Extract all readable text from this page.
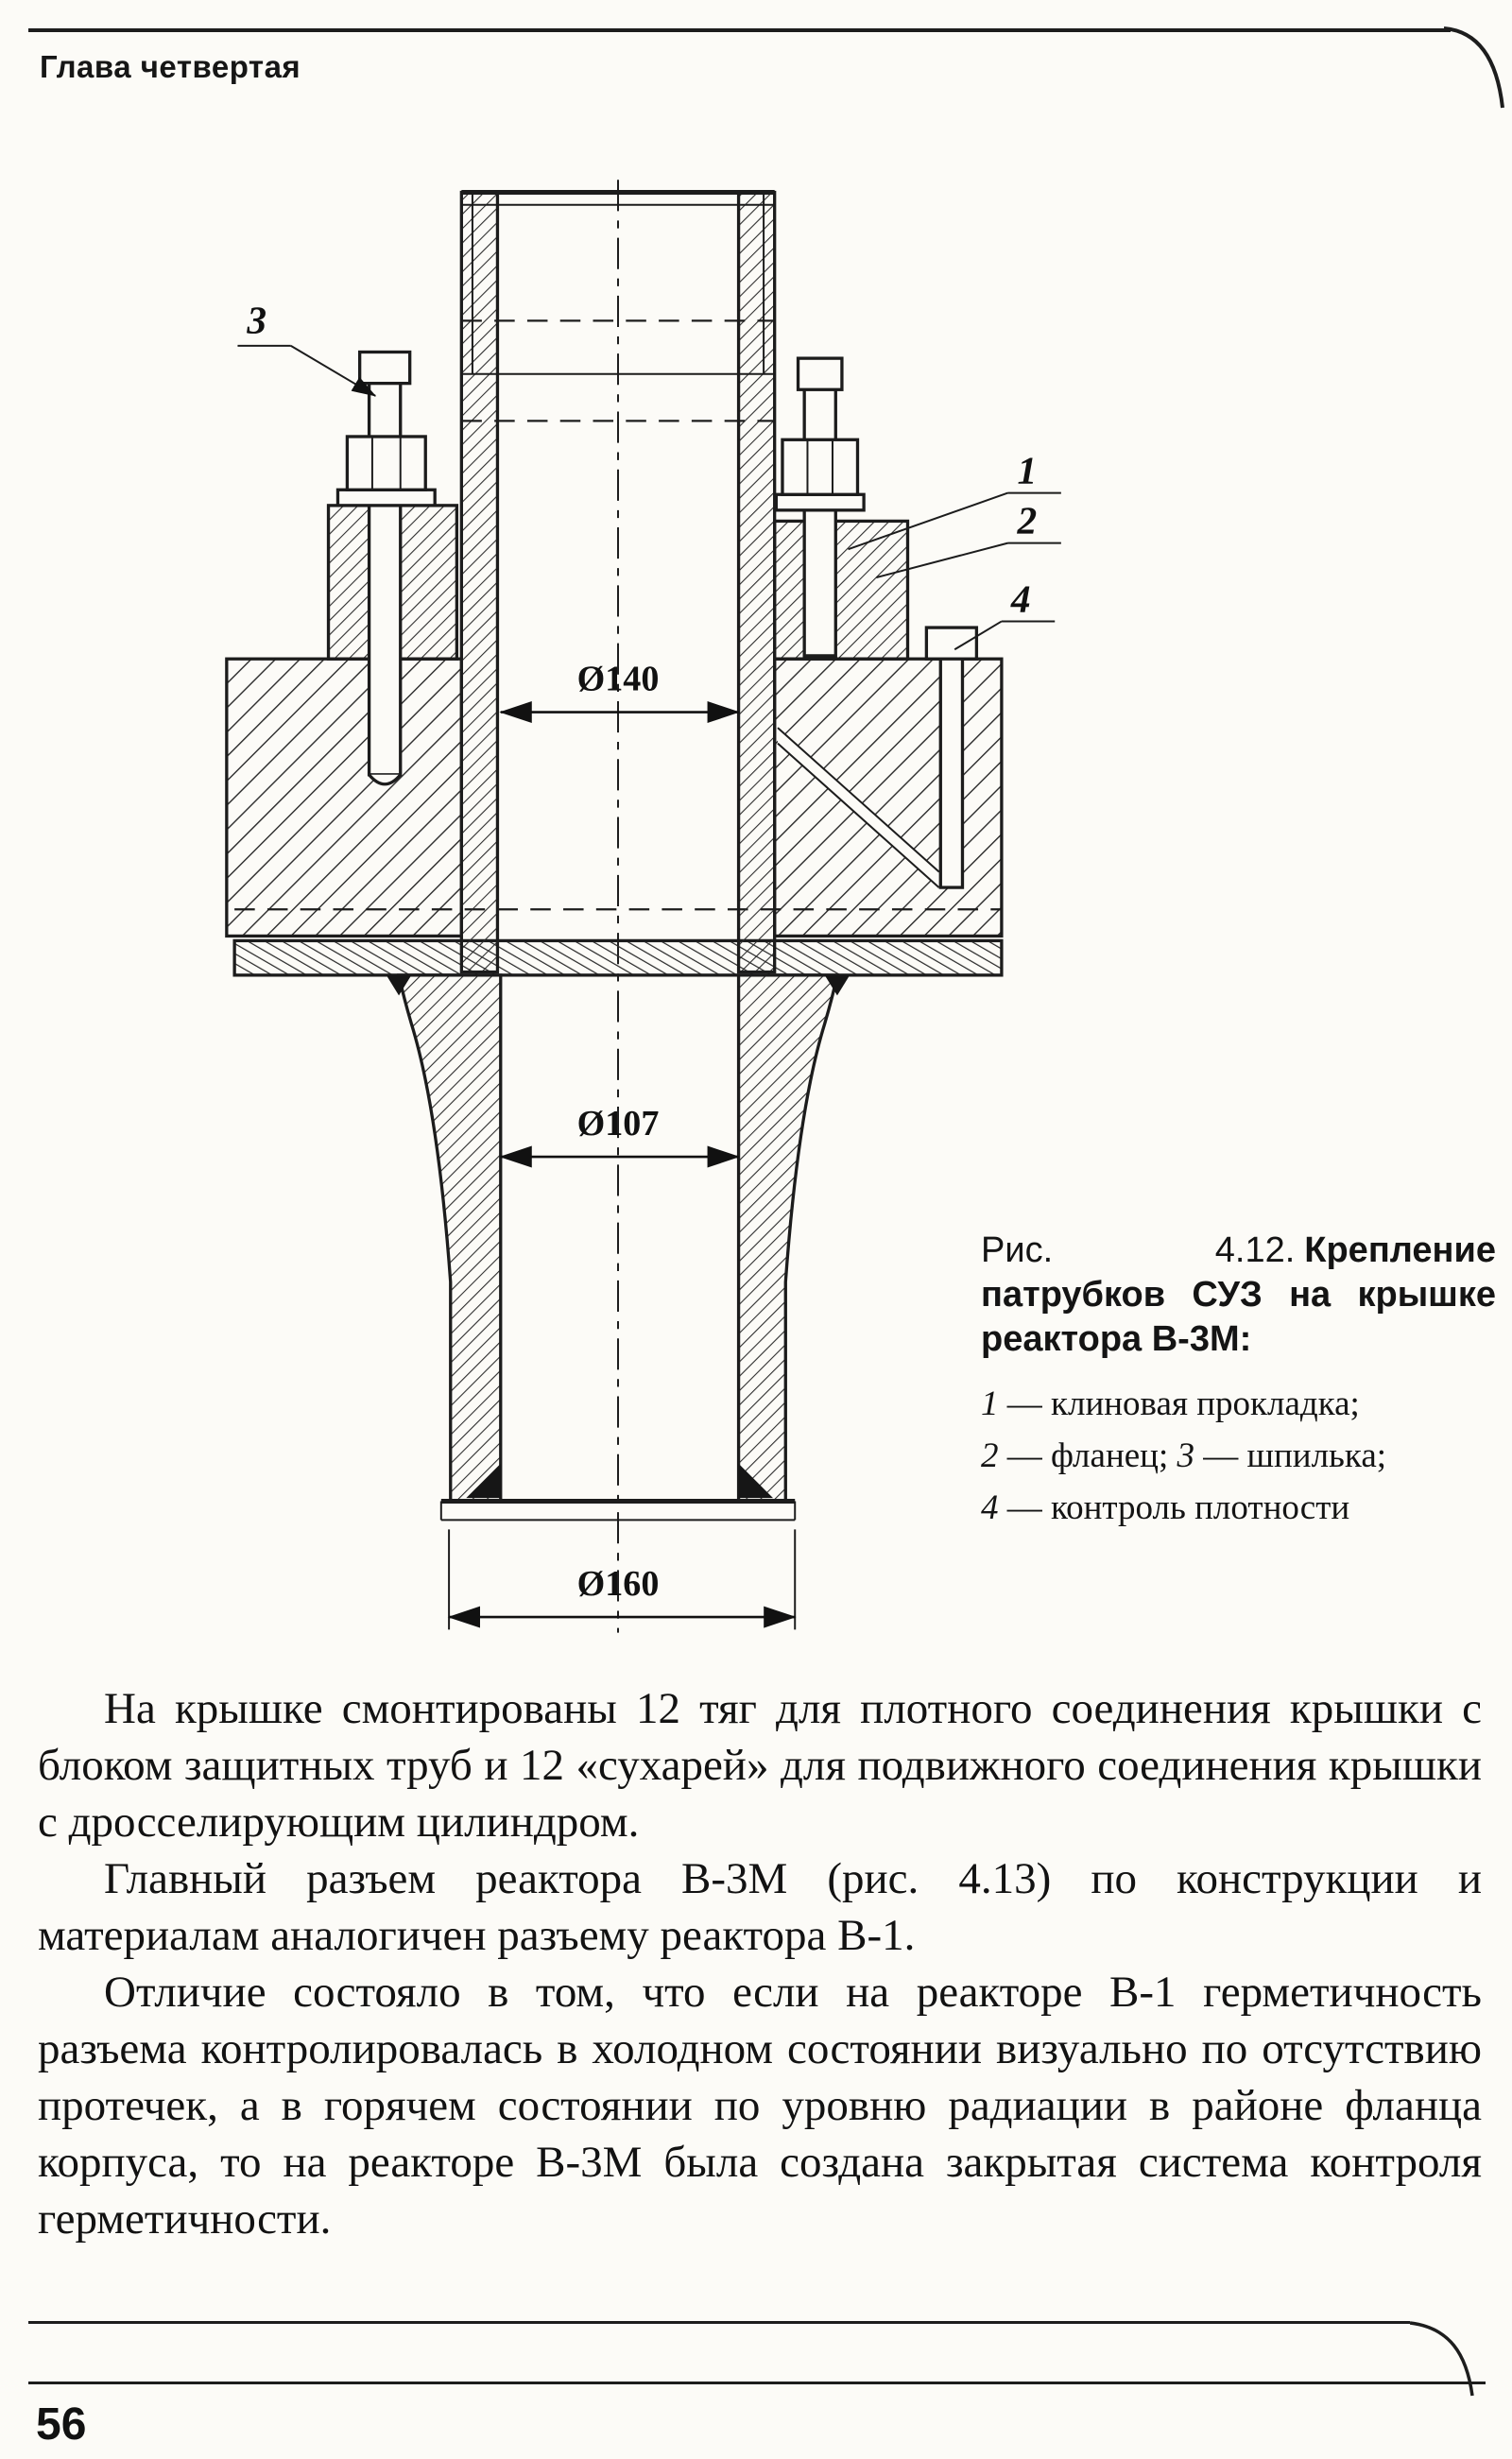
Глава четвертая
Ø140
Ø107
Ø160
3
1
2
4

Рис. 4.12. Крепление патрубков СУЗ на крышке реактора В-3М:

1 — клиновая прокладка;

2 — фланец; 3 — шпилька;

4 — контроль плотности

На крышке смонтированы 12 тяг для плотного соединения крышки с блоком защитных труб и 12 «сухарей» для подвижного соединения крышки с дросселирующим цилиндром.

Главный разъем реактора В-3М (рис. 4.13) по конструкции и материалам аналогичен разъему реактора В-1.

Отличие состояло в том, что если на реакторе В-1 герметичность разъема контролировалась в холодном состоянии визуально по отсутствию протечек, а в горячем состоянии по уровню радиации в районе фланца корпуса, то на реакторе В-3М была создана закрытая система контроля герметичности.

56
